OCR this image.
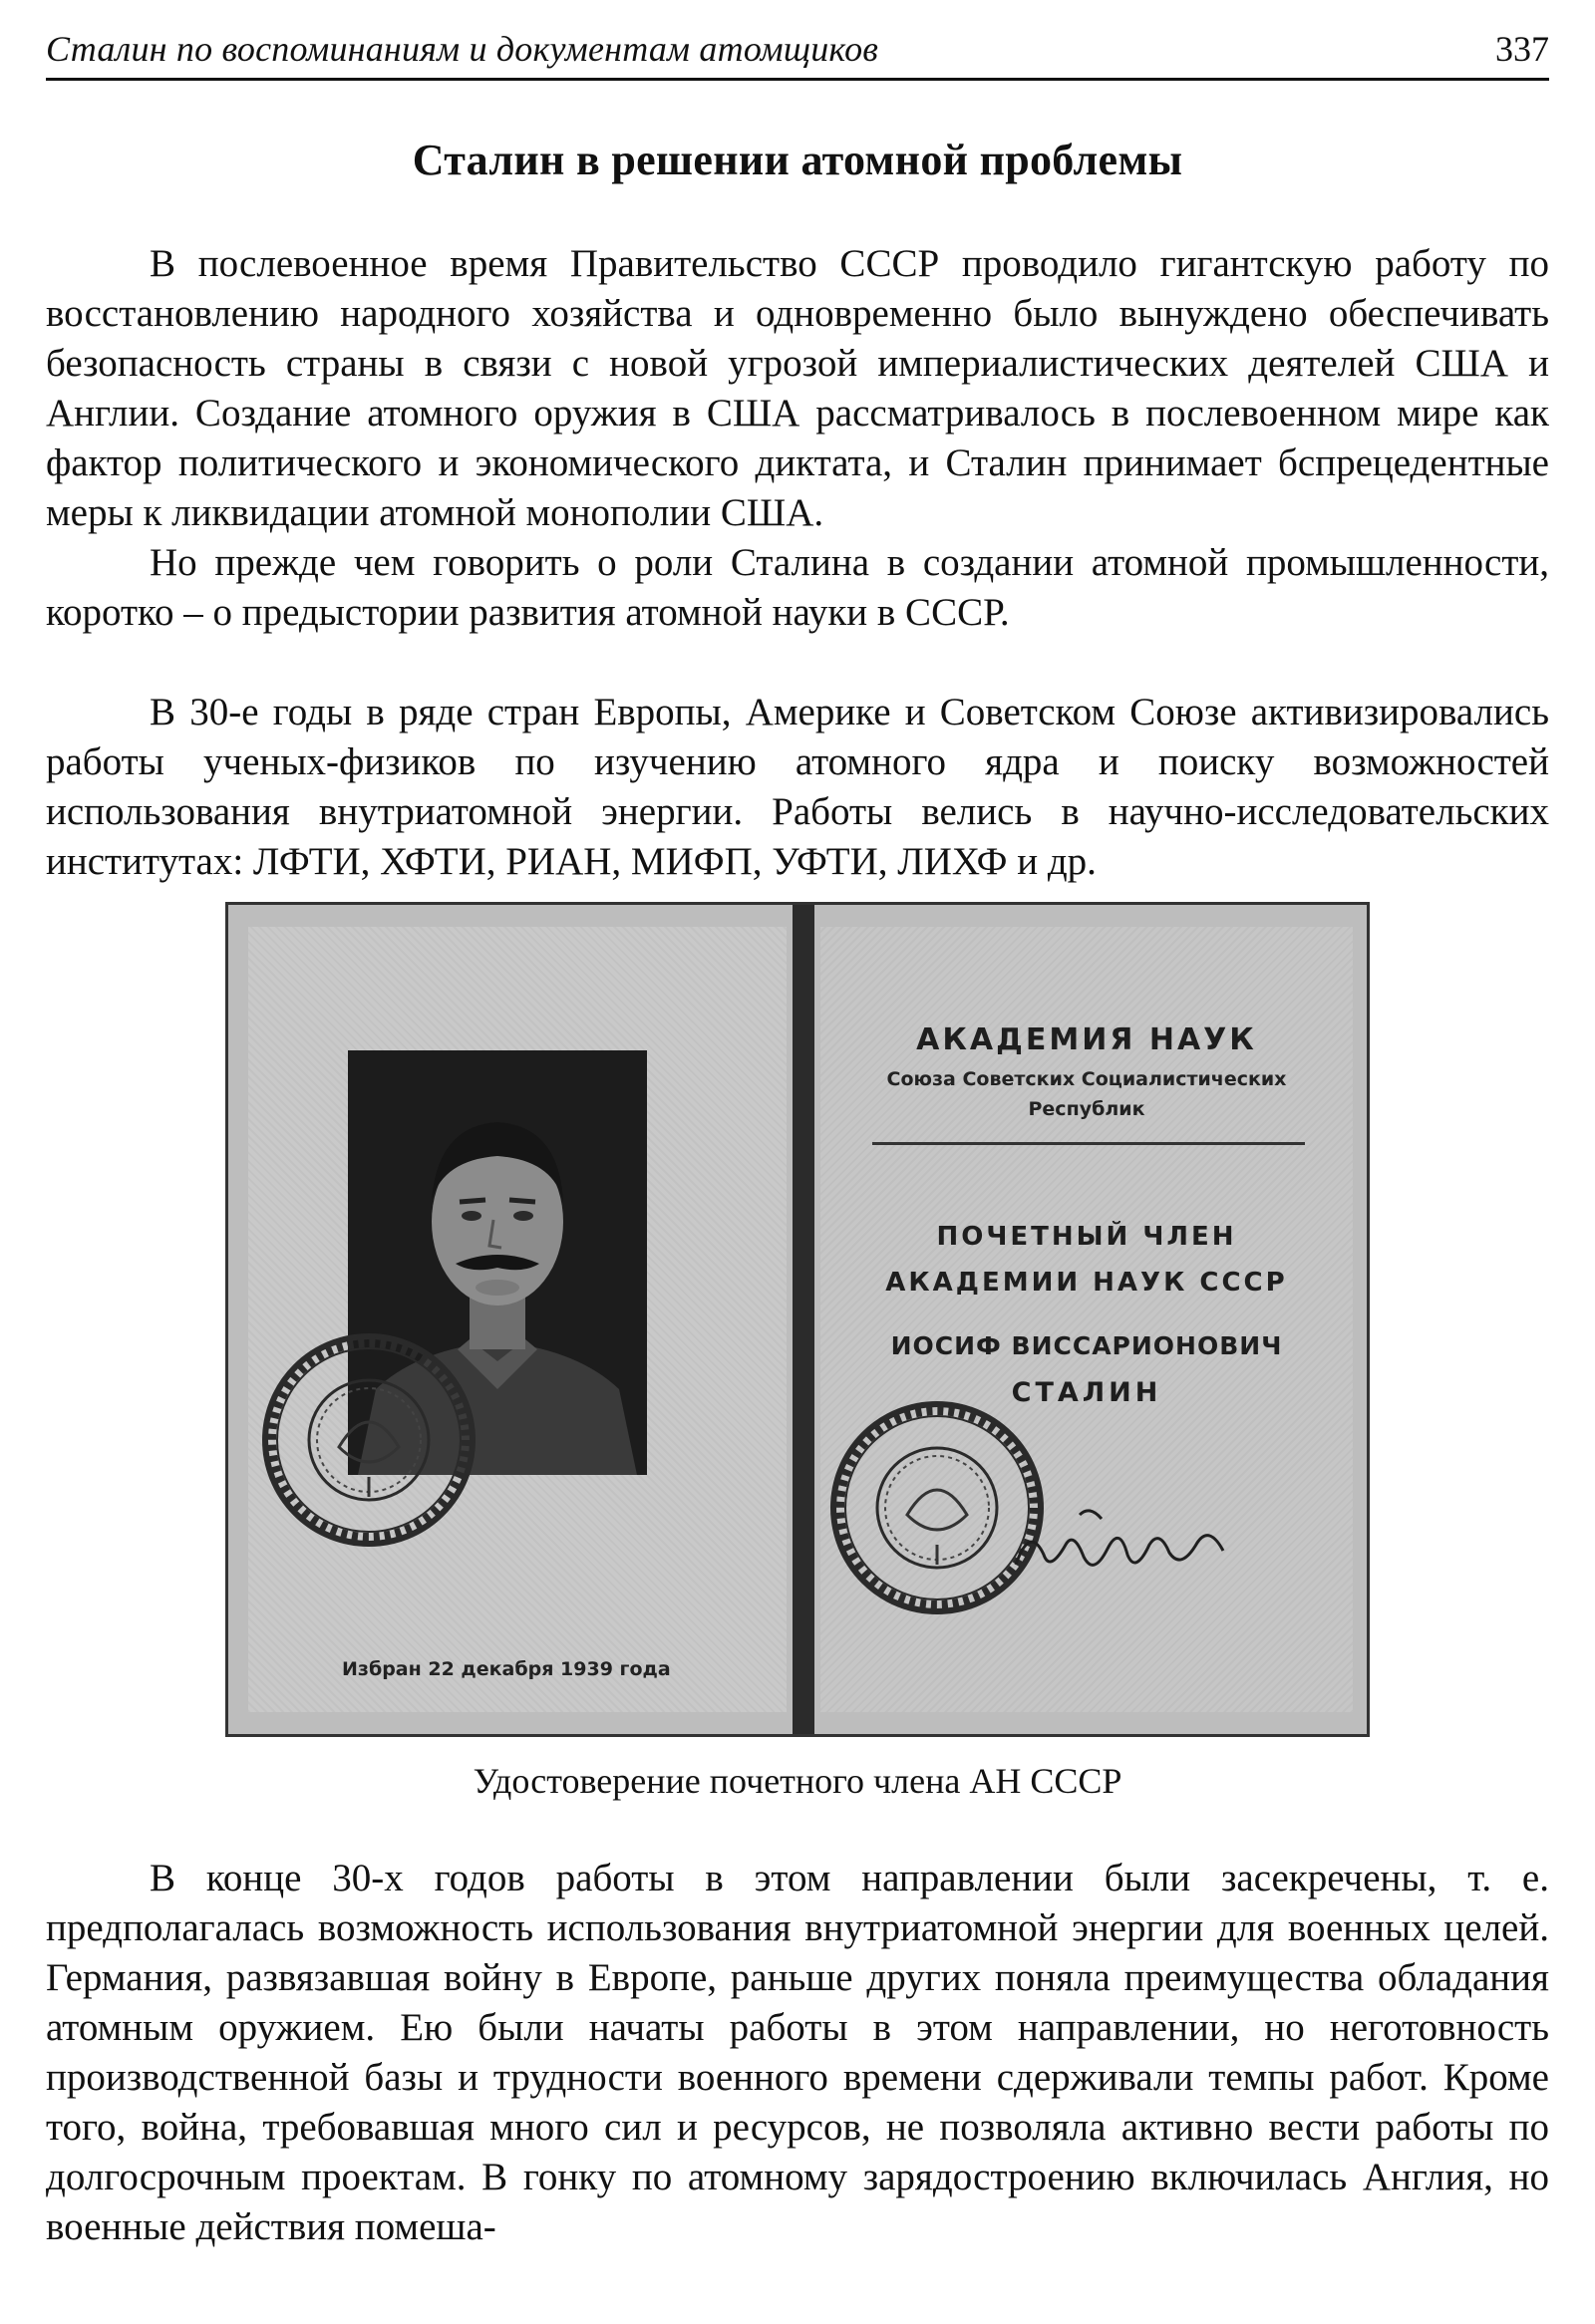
Сталин по воспоминаниям и документам атомщиков	337
Сталин в решении атомной проблемы

В послевоенное время Правительство СССР проводило гигантскую работу по восстановлению народного хозяйства и одновременно было вынуждено обеспечивать безопасность страны в связи с новой угрозой империалистических деятелей США и Англии. Создание атомного оружия в США рассматривалось в послевоенном мире как фактор политического и экономического диктата, и Сталин принимает бспрецедентные меры к ликвидации атомной монополии США.

Но прежде чем говорить о роли Сталина в создании атомной промышленности, коротко – о предыстории развития атомной науки в СССР.

В 30-е годы в ряде стран Европы, Америке и Советском Союзе активизировались работы ученых-физиков по изучению атомного ядра и поиску возможностей использования внутриатомной энергии. Работы велись в научно-исследовательских институтах: ЛФТИ, ХФТИ, РИАН, МИФП, УФТИ, ЛИХФ и др.

Избран 22 декабря 1939 года
АКАДЕМИЯ НАУК
Союза Советских Социалистических
Республик
ПОЧЕТНЫЙ ЧЛЕН
АКАДЕМИИ НАУК СССР
ИОСИФ ВИССАРИОНОВИЧ
СТАЛИН
Удостоверение почетного члена АН СССР

В конце 30-х годов работы в этом направлении были засекречены, т. е. предполагалась возможность использования внутриатомной энергии для военных целей. Германия, развязавшая войну в Европе, раньше других поняла преимущества обладания атомным оружием. Ею были начаты работы в этом направлении, но неготовность производственной базы и трудности военного времени сдерживали темпы работ. Кроме того, война, требовавшая много сил и ресурсов, не позволяла активно вести работы по долгосрочным проектам. В гонку по атомному зарядостроению включилась Англия, но военные действия помеша-
